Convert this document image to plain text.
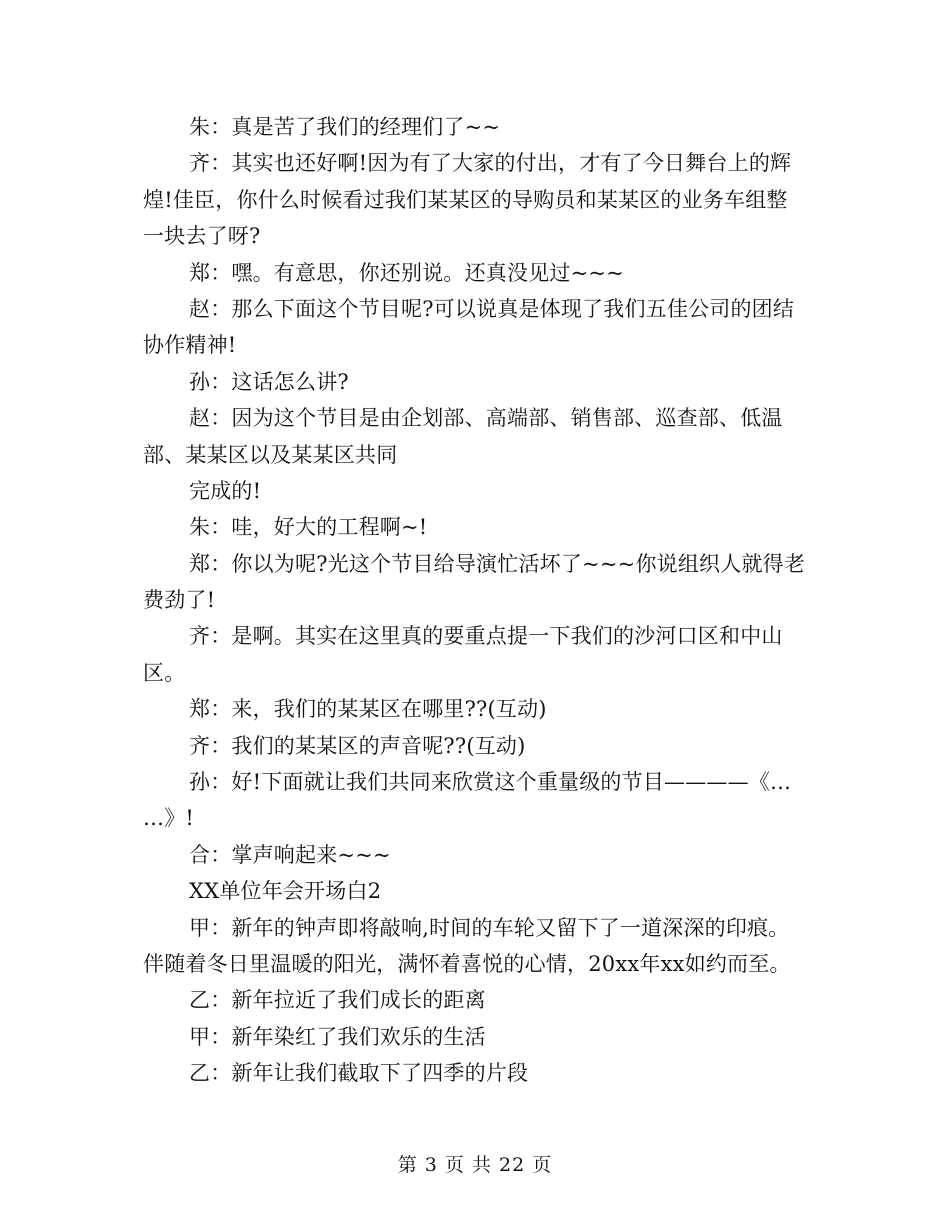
朱：真是苦了我们的经理们了~~
齐：其实也还好啊!因为有了大家的付出，才有了今日舞台上的辉
煌!佳臣，你什么时候看过我们某某区的导购员和某某区的业务车组整
一块去了呀?
郑：嘿。有意思，你还别说。还真没见过~~~
赵：那么下面这个节目呢?可以说真是体现了我们五佳公司的团结
协作精神!
孙：这话怎么讲?
赵：因为这个节目是由企划部、高端部、销售部、巡查部、低温
部、某某区以及某某区共同
完成的!
朱：哇，好大的工程啊~!
郑：你以为呢?光这个节目给导演忙活坏了~~~你说组织人就得老
费劲了!
齐：是啊。其实在这里真的要重点提一下我们的沙河口区和中山
区。
郑：来，我们的某某区在哪里??(互动)
齐：我们的某某区的声音呢??(互动)
孙：好!下面就让我们共同来欣赏这个重量级的节目————《…
…》!
合：掌声响起来~~~
XX单位年会开场白2
甲：新年的钟声即将敲响,时间的车轮又留下了一道深深的印痕。
伴随着冬日里温暖的阳光，满怀着喜悦的心情，20xx年xx如约而至。
乙：新年拉近了我们成长的距离
甲：新年染红了我们欢乐的生活
乙：新年让我们截取下了四季的片段
第 3 页 共 22 页
